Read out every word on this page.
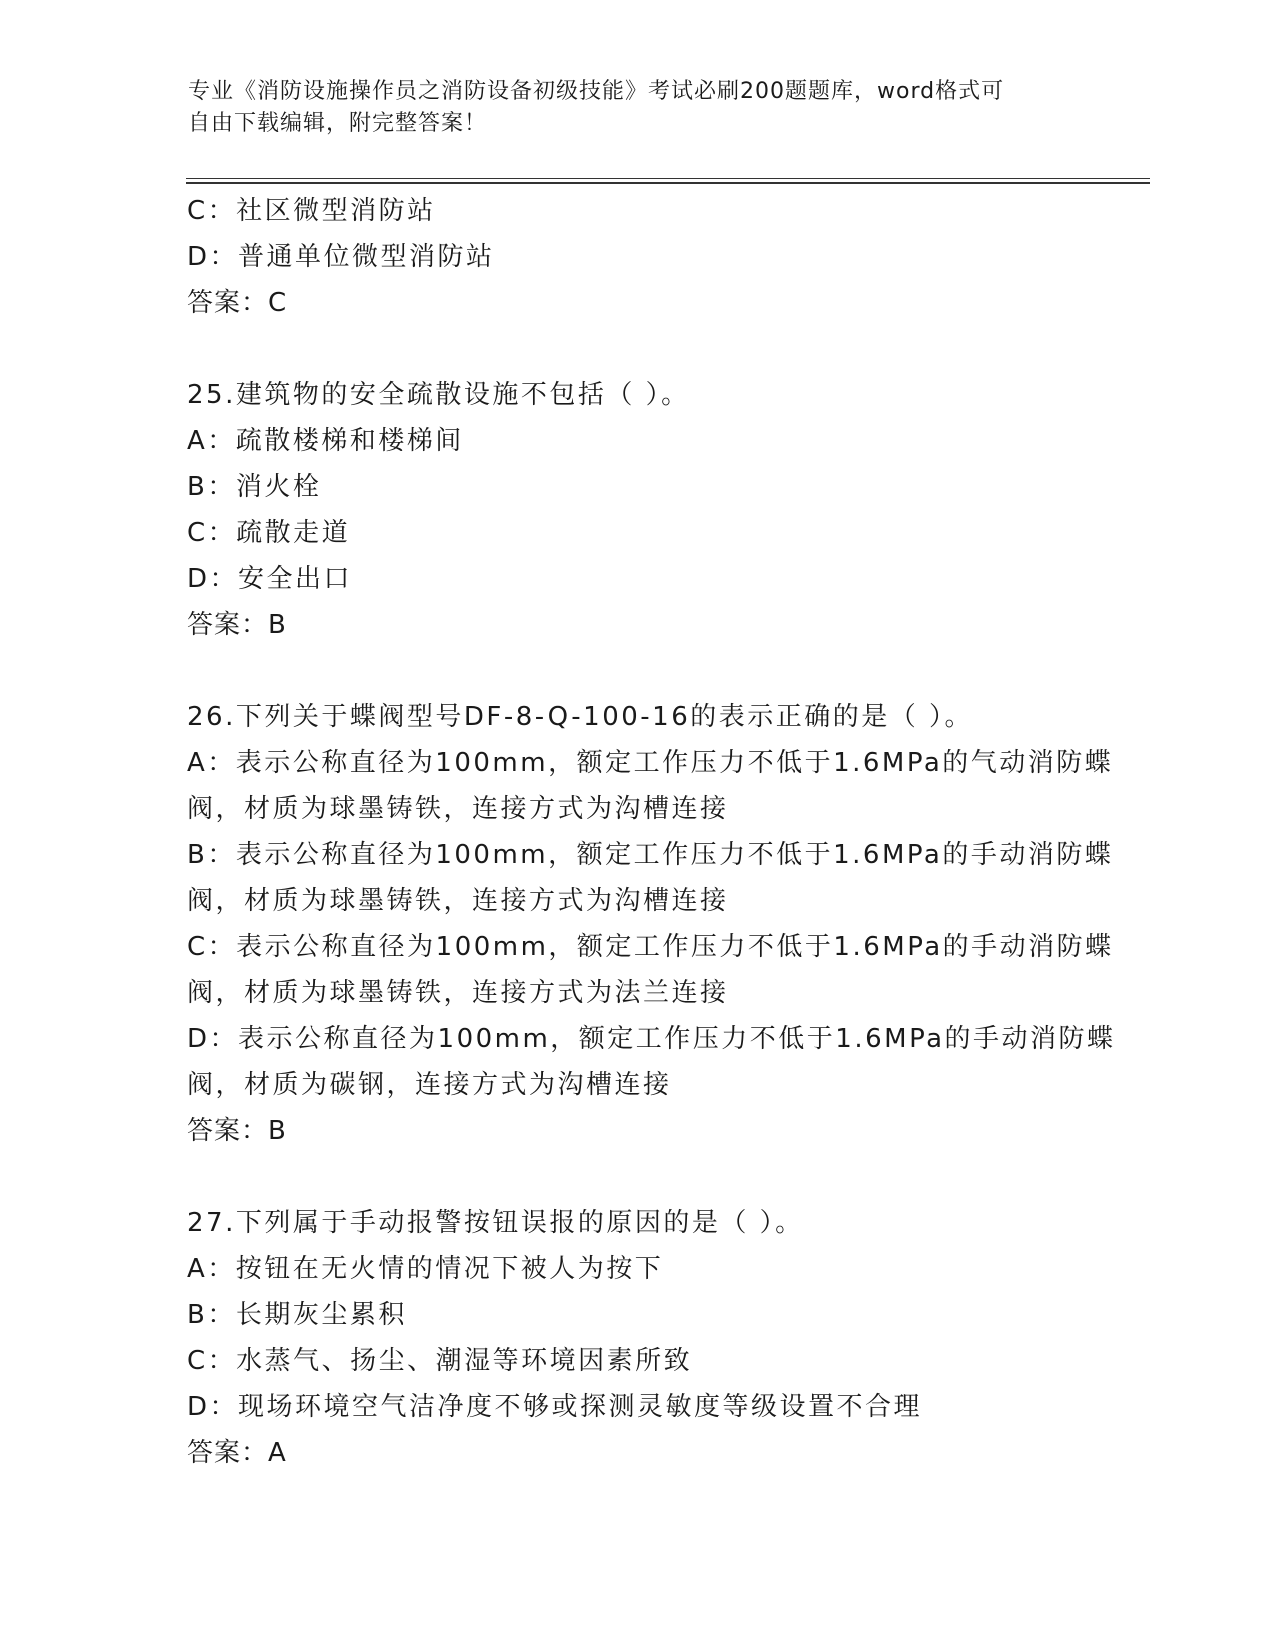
专业《消防设施操作员之消防设备初级技能》考试必刷200题题库，word格式可
自由下载编辑，附完整答案！
C：社区微型消防站
D：普通单位微型消防站
答案：C
25.建筑物的安全疏散设施不包括（ ）。
A：疏散楼梯和楼梯间
B：消火栓
C：疏散走道
D：安全出口
答案：B
26.下列关于蝶阀型号DF-8-Q-100-16的表示正确的是（ ）。
A：表示公称直径为100mm，额定工作压力不低于1.6MPa的气动消防蝶
阀，材质为球墨铸铁，连接方式为沟槽连接
B：表示公称直径为100mm，额定工作压力不低于1.6MPa的手动消防蝶
阀，材质为球墨铸铁，连接方式为沟槽连接
C：表示公称直径为100mm，额定工作压力不低于1.6MPa的手动消防蝶
阀，材质为球墨铸铁，连接方式为法兰连接
D：表示公称直径为100mm，额定工作压力不低于1.6MPa的手动消防蝶
阀，材质为碳钢，连接方式为沟槽连接
答案：B
27.下列属于手动报警按钮误报的原因的是（ ）。
A：按钮在无火情的情况下被人为按下
B：长期灰尘累积
C：水蒸气、扬尘、潮湿等环境因素所致
D：现场环境空气洁净度不够或探测灵敏度等级设置不合理
答案：A
